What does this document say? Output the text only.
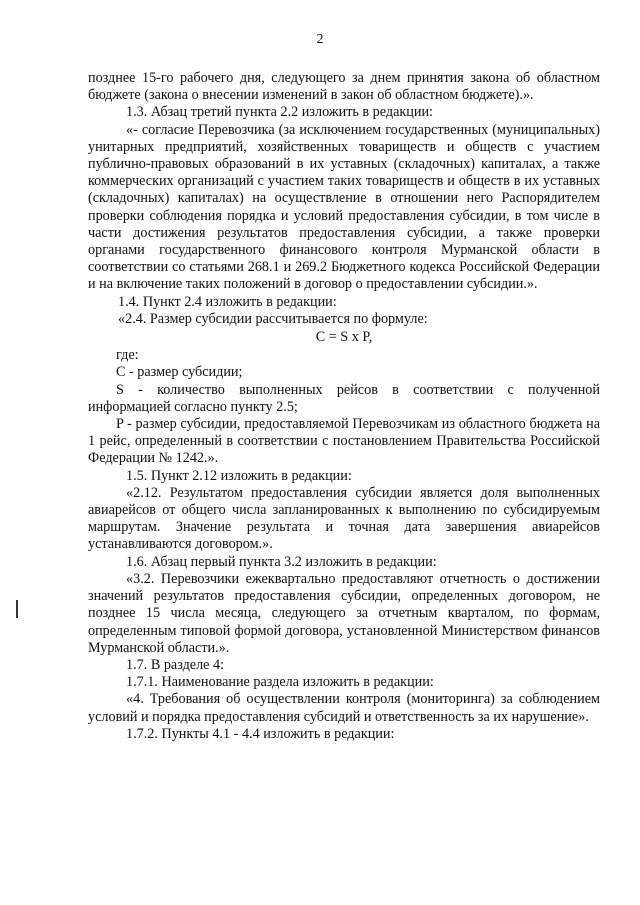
2

позднее 15-го рабочего дня, следующего за днем принятия закона об областном бюджете (закона о внесении изменений в закон об областном бюджете).».

1.3. Абзац третий пункта 2.2 изложить в редакции:

«- согласие Перевозчика (за исключением государственных (муниципальных) унитарных предприятий, хозяйственных товариществ и обществ с участием публично-правовых образований в их уставных (складочных) капиталах, а также коммерческих организаций с участием таких товариществ и обществ в их уставных (складочных) капиталах) на осуществление в отношении него Распорядителем проверки соблюдения порядка и условий предоставления субсидии, в том числе в части достижения результатов предоставления субсидии, а также проверки органами государственного финансового контроля Мурманской области в соответствии со статьями 268.1 и 269.2 Бюджетного кодекса Российской Федерации и на включение таких положений в договор о предоставлении субсидии.».

1.4. Пункт 2.4 изложить в редакции:

«2.4. Размер субсидии рассчитывается по формуле:

C = S x P,

где:

C - размер субсидии;

S - количество выполненных рейсов в соответствии с полученной информацией согласно пункту 2.5;

P - размер субсидии, предоставляемой Перевозчикам из областного бюджета на 1 рейс, определенный в соответствии с постановлением Правительства Российской Федерации № 1242.».

1.5. Пункт 2.12 изложить в редакции:

«2.12. Результатом предоставления субсидии является доля выполненных авиарейсов от общего числа запланированных к выполнению по субсидируемым маршрутам. Значение результата и точная дата завершения авиарейсов устанавливаются договором.».

1.6. Абзац первый пункта 3.2 изложить в редакции:

«3.2. Перевозчики ежеквартально предоставляют отчетность о достижении значений результатов предоставления субсидии, определенных договором, не позднее 15 числа месяца, следующего за отчетным кварталом, по формам, определенным типовой формой договора, установленной Министерством финансов Мурманской области.».

1.7. В разделе 4:

1.7.1. Наименование раздела изложить в редакции:

«4. Требования об осуществлении контроля (мониторинга) за соблюдением условий и порядка предоставления субсидий и ответственность за их нарушение».

1.7.2. Пункты 4.1 - 4.4 изложить в редакции:
